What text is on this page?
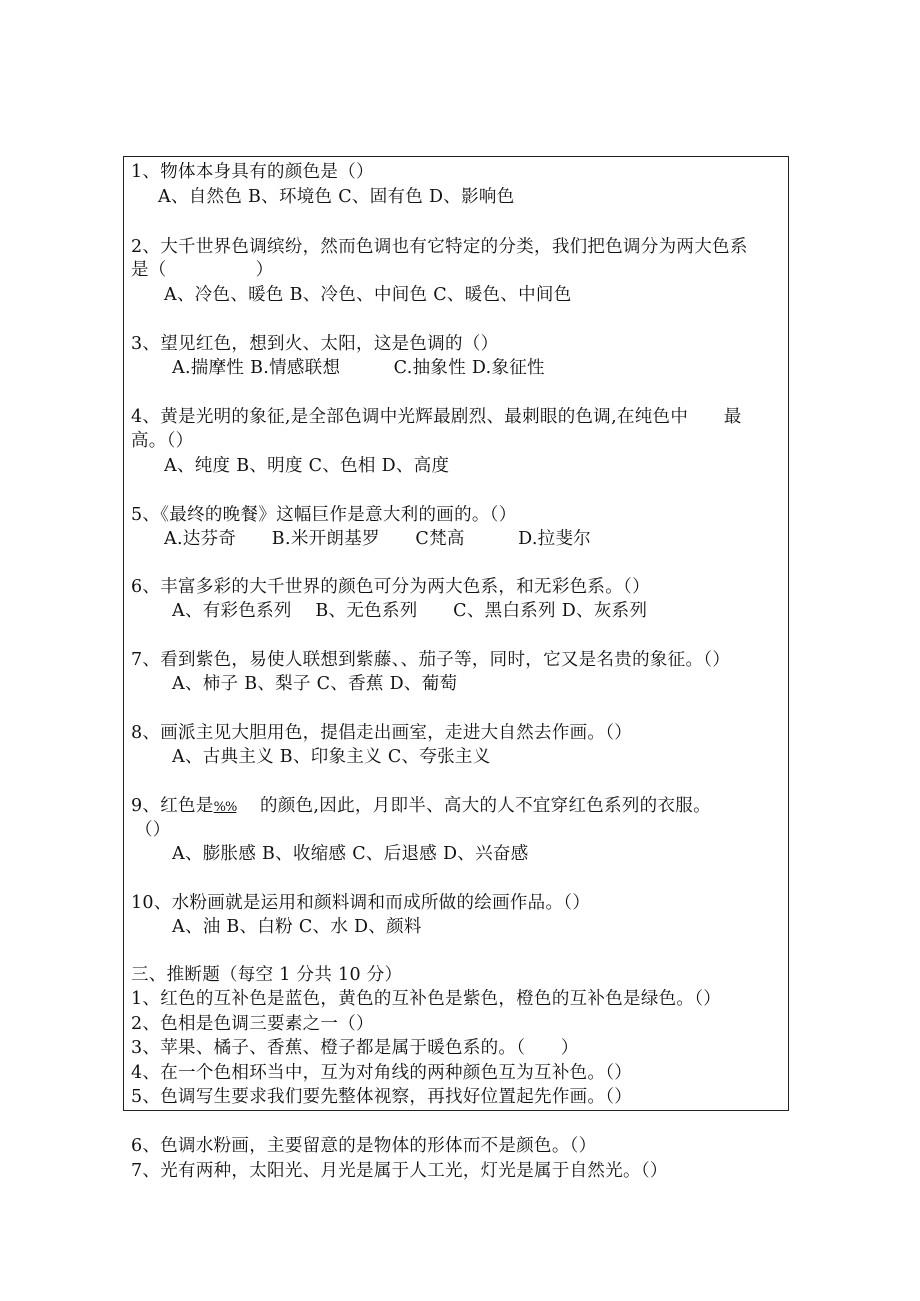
1、物体本身具有的颜色是（）
A、自然色 B、环境色 C、固有色 D、影响色
2、大千世界色调缤纷，然而色调也有它特定的分类，我们把色调分为两大色系
是（　　　　　）
A、冷色、暖色 B、冷色、中间色 C、暖色、中间色
3、望见红色，想到火、太阳，这是色调的（）
A.揣摩性 B.情感联想　　　C.抽象性 D.象征性
4、黄是光明的象征,是全部色调中光辉最剧烈、最刺眼的色调,在纯色中　　最
高。（）
A、纯度 B、明度 C、色相 D、高度
5、《最终的晚餐》这幅巨作是意大利的画的。（）
A.达芬奇　　B.米开朗基罗　　C梵高　　　D.拉斐尔
6、丰富多彩的大千世界的颜色可分为两大色系，和无彩色系。（）
A、有彩色系列　 B、无色系列　　C、黑白系列 D、灰系列
7、看到紫色，易使人联想到紫藤、、茄子等，同时，它又是名贵的象征。（）
A、柿子 B、梨子 C、香蕉 D、葡萄
8、画派主见大胆用色，提倡走出画室，走进大自然去作画。（）
A、古典主义 B、印象主义 C、夸张主义
9、红色是%%　 的颜色,因此，月即半、高大的人不宜穿红色系列的衣服。
（）
A、膨胀感 B、收缩感 C、后退感 D、兴奋感
10、水粉画就是运用和颜料调和而成所做的绘画作品。（）
A、油 B、白粉 C、水 D、颜料
三、推断题（每空 1 分共 10 分）
1、红色的互补色是蓝色，黄色的互补色是紫色，橙色的互补色是绿色。（）
2、色相是色调三要素之一（）
3、苹果、橘子、香蕉、橙子都是属于暖色系的。（　　）
4、在一个色相环当中，互为对角线的两种颜色互为互补色。（）
5、色调写生要求我们要先整体视察，再找好位置起先作画。（）
6、色调水粉画，主要留意的是物体的形体而不是颜色。（）
7、光有两种，太阳光、月光是属于人工光，灯光是属于自然光。（）
